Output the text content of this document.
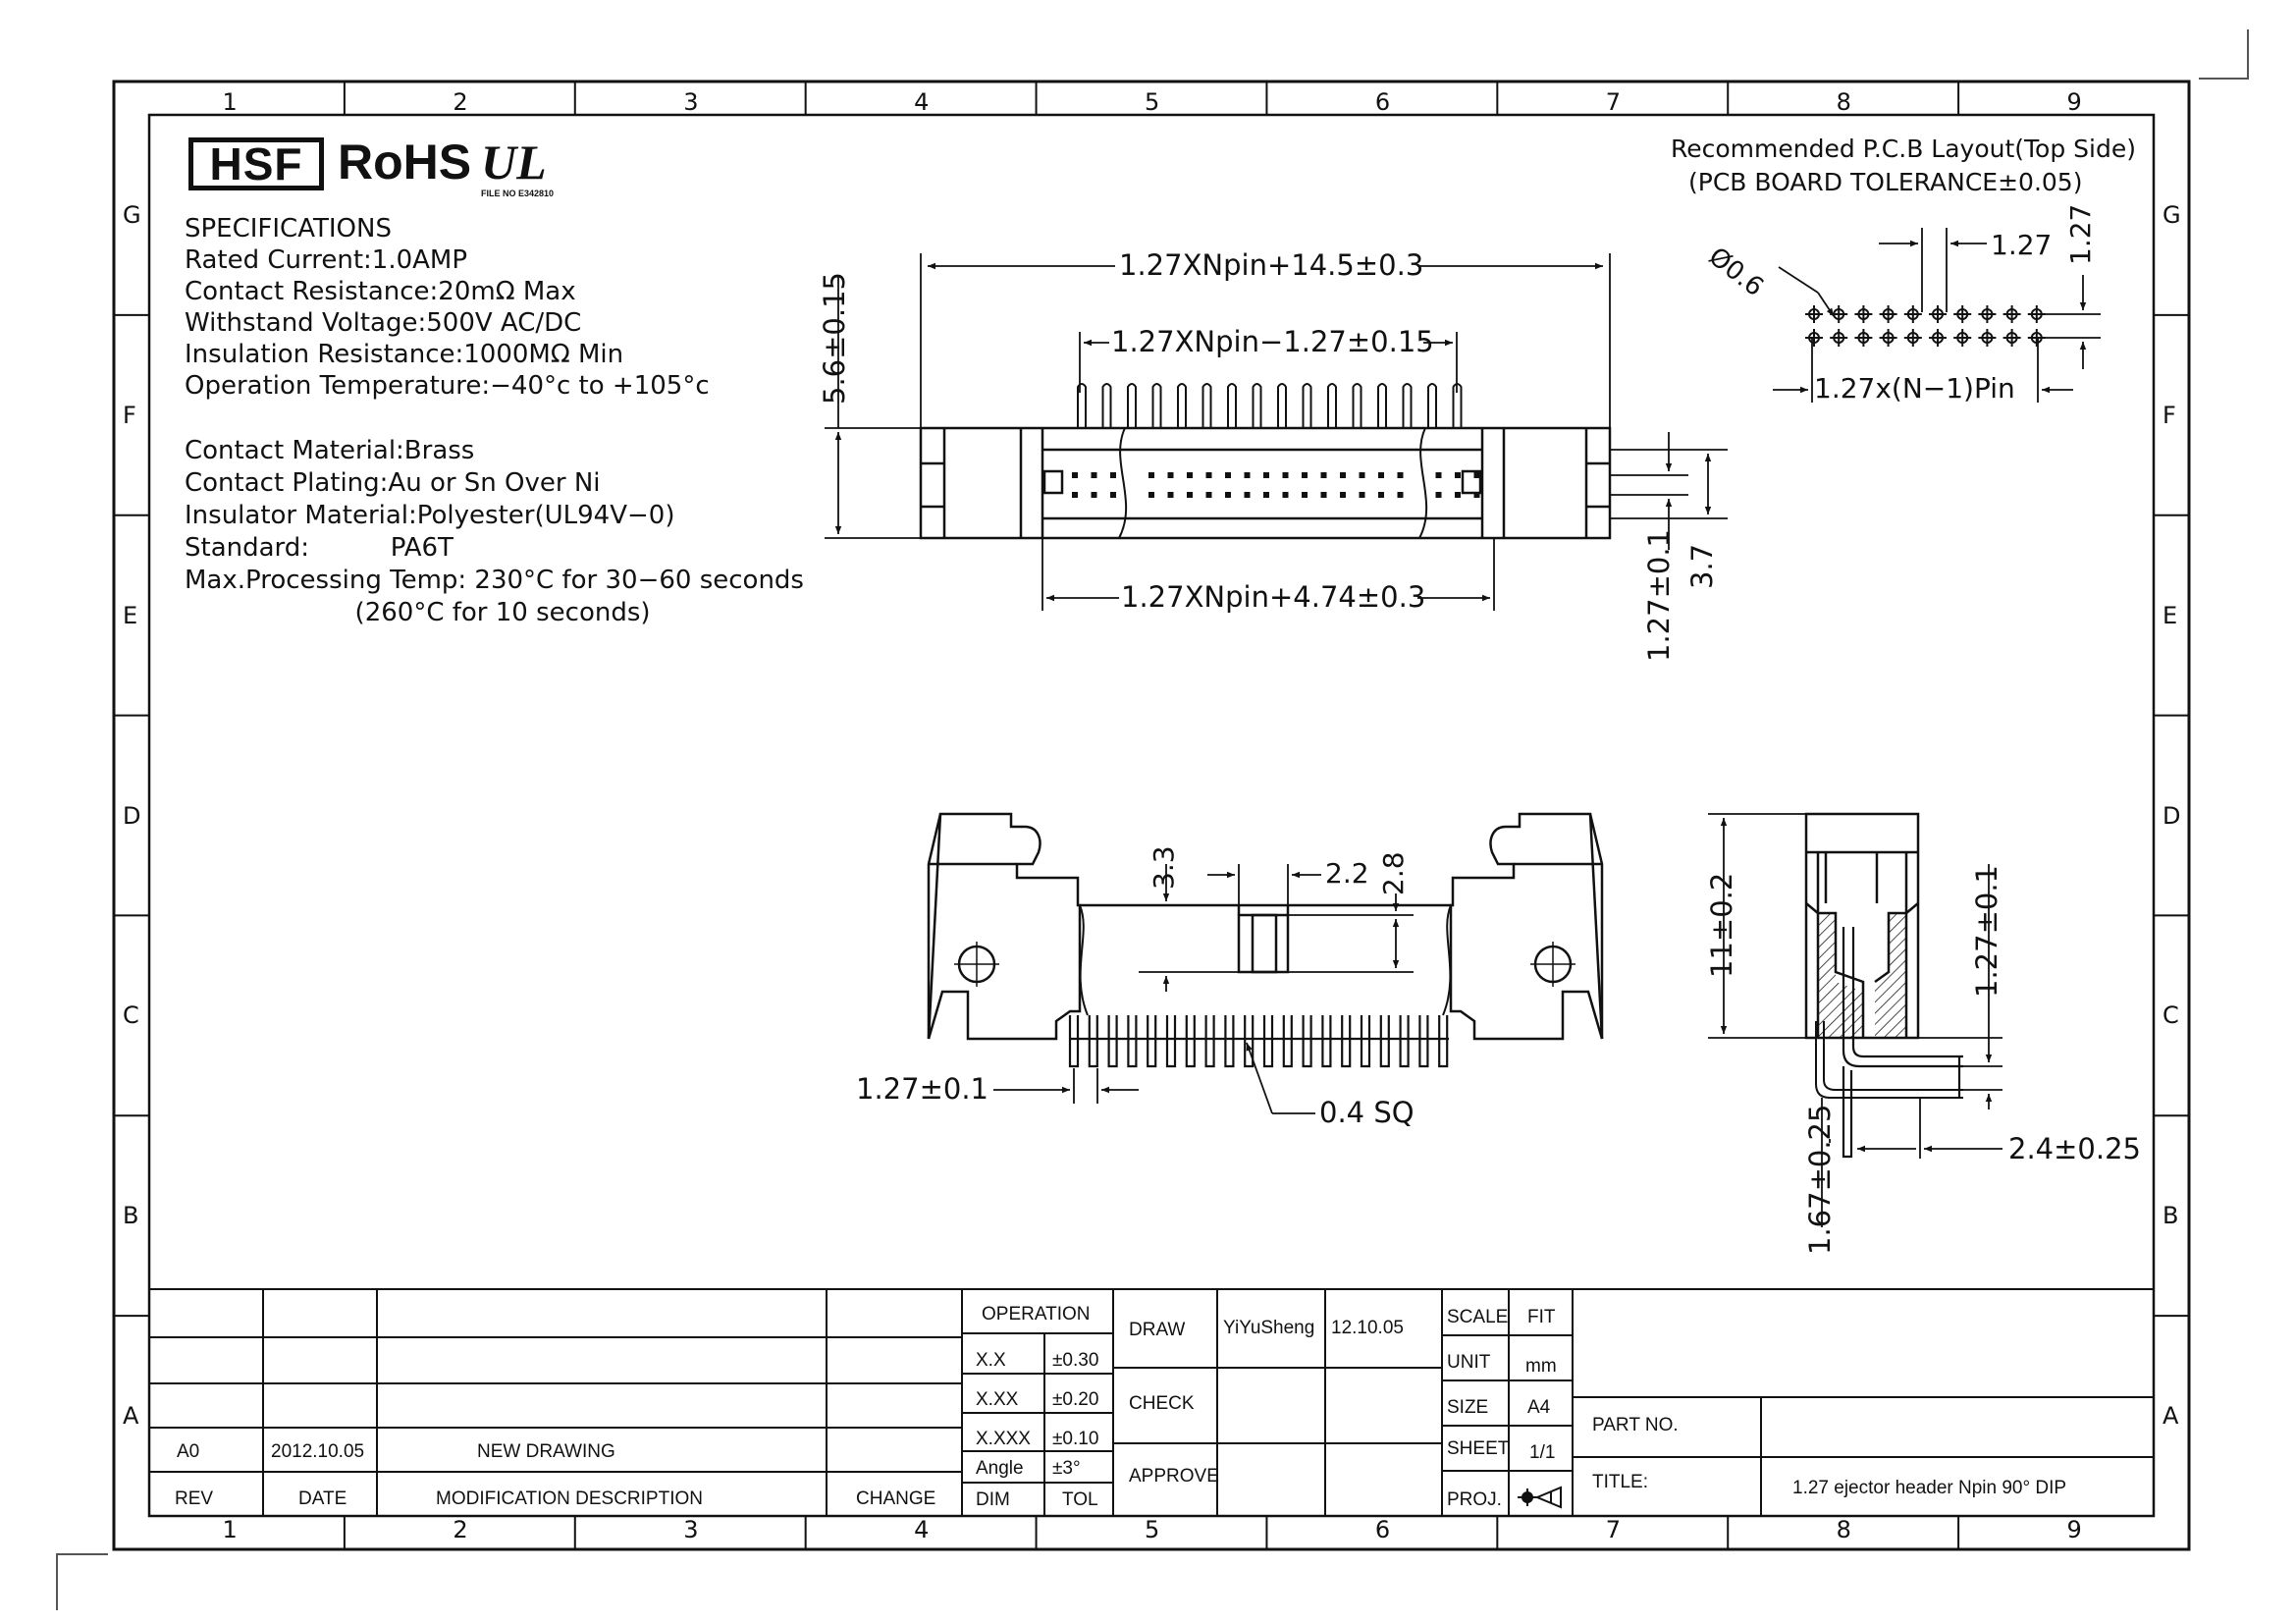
1
1
2
2
3
3
4
4
5
5
6
6
7
7
8
8
9
9
G	G
F	F
E	E
D	D
C	C
B	B
A	A
HSF RoHS UL
FILE NO E342810
SPECIFICATIONS
Rated Current:1.0AMP
Contact Resistance:20mΩ Max
Withstand Voltage:500V AC/DC
Insulation Resistance:1000MΩ Min
Operation Temperature:−40°c to +105°c
Contact Material:Brass
Contact Plating:Au or Sn Over Ni
Insulator Material:Polyester(UL94V−0)
Standard:          PA6T
Max.Processing Temp: 230°C for 30−60 seconds
(260°C for 10 seconds)
Recommended P.C.B Layout(Top Side)
(PCB BOARD TOLERANCE±0.05)
Ø0.6	1.27 1.27
1.27x(N−1)Pin
1.27XNpin+14.5±0.3
1.27XNpin−1.27±0.15
1.27XNpin+4.74±0.3
5.6±0.15
1.27±0.1 3.7
3.3	2.2 2.8
1.27±0.1
0.4 SQ
11±0.2	1.27±0.1
1.67±0.25	2.4±0.25
A0	2012.10.05	NEW DRAWING
REV	DATE	MODIFICATION DESCRIPTION	CHANGE
OPERATION
X.X ±0.30
X.XX ±0.20
X.XXX ±0.10
Angle ±3°
DIM	TOL
DRAW YiYuSheng 12.10.05
CHECK
APPROVE
SCALE FIT
UNIT mm
SIZE A4
SHEET 1/1
PROJ.
PART NO.
TITLE:	1.27 ejector header Npin 90° DIP
